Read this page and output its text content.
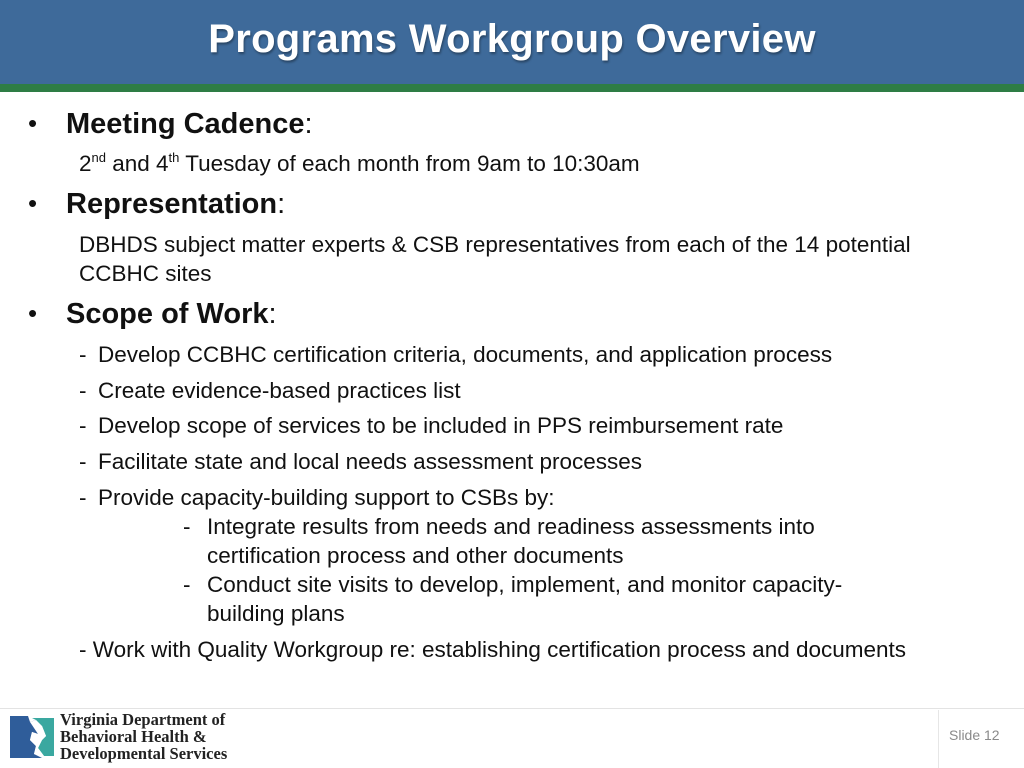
Programs Workgroup Overview
• Meeting Cadence:
2nd and 4th Tuesday of each month from 9am to 10:30am
• Representation:
DBHDS subject matter experts & CSB representatives from each of the 14 potential
CCBHC sites
• Scope of Work:
- Develop CCBHC certification criteria, documents, and application process
- Create evidence-based practices list
- Develop scope of services to be included in PPS reimbursement rate
- Facilitate state and local needs assessment processes
- Provide capacity-building support to CSBs by:
- Integrate results from needs and readiness assessments into
certification process and other documents
- Conduct site visits to develop, implement, and monitor capacity-
building plans
- Work with Quality Workgroup re: establishing certification process and documents
Virginia Department of
Behavioral Health &
Developmental Services
Slide 12
